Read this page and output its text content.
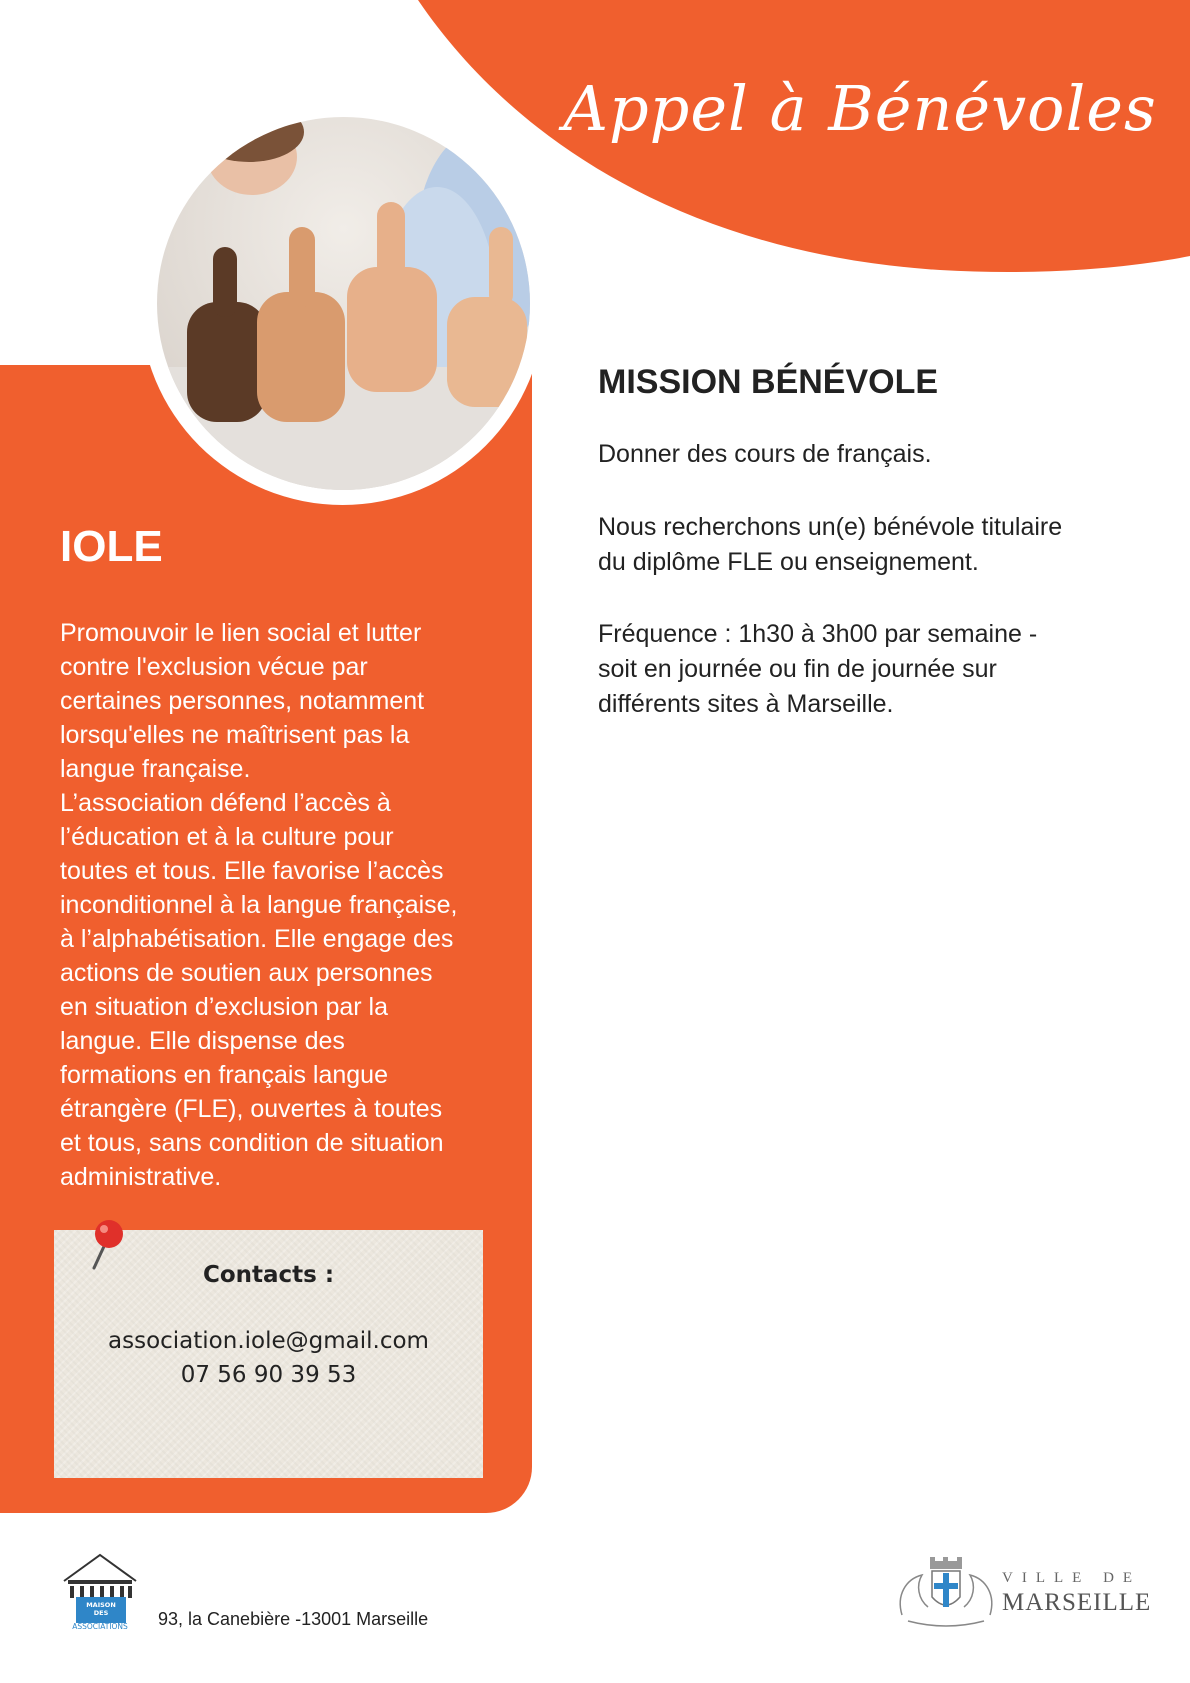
Appel à Bénévoles
IOLE

Promouvoir le lien social et lutter
contre l'exclusion vécue par
certaines personnes, notamment
lorsqu'elles ne maîtrisent pas la
langue française.
L’association défend l’accès à
l’éducation et à la culture pour
toutes et tous. Elle favorise l’accès
inconditionnel à la langue française,
à l’alphabétisation. Elle engage des
actions de soutien aux personnes
en situation d’exclusion par la
langue. Elle dispense des
formations en français langue
étrangère (FLE), ouvertes à toutes
et tous, sans condition de situation
administrative.

Contacts :

association.iole@gmail.com

07 56 90 39 53

MISSION BÉNÉVOLE

Donner des cours de français.

Nous recherchons un(e) bénévole titulaire
du diplôme FLE ou enseignement.

Fréquence : 1h30 à 3h00 par semaine -
soit en journée ou fin de journée sur
différents sites à Marseille.

MAISON
DES
ASSOCIATIONS 93, la Canebière -13001 Marseille

VILLE DE

MARSEILLE
